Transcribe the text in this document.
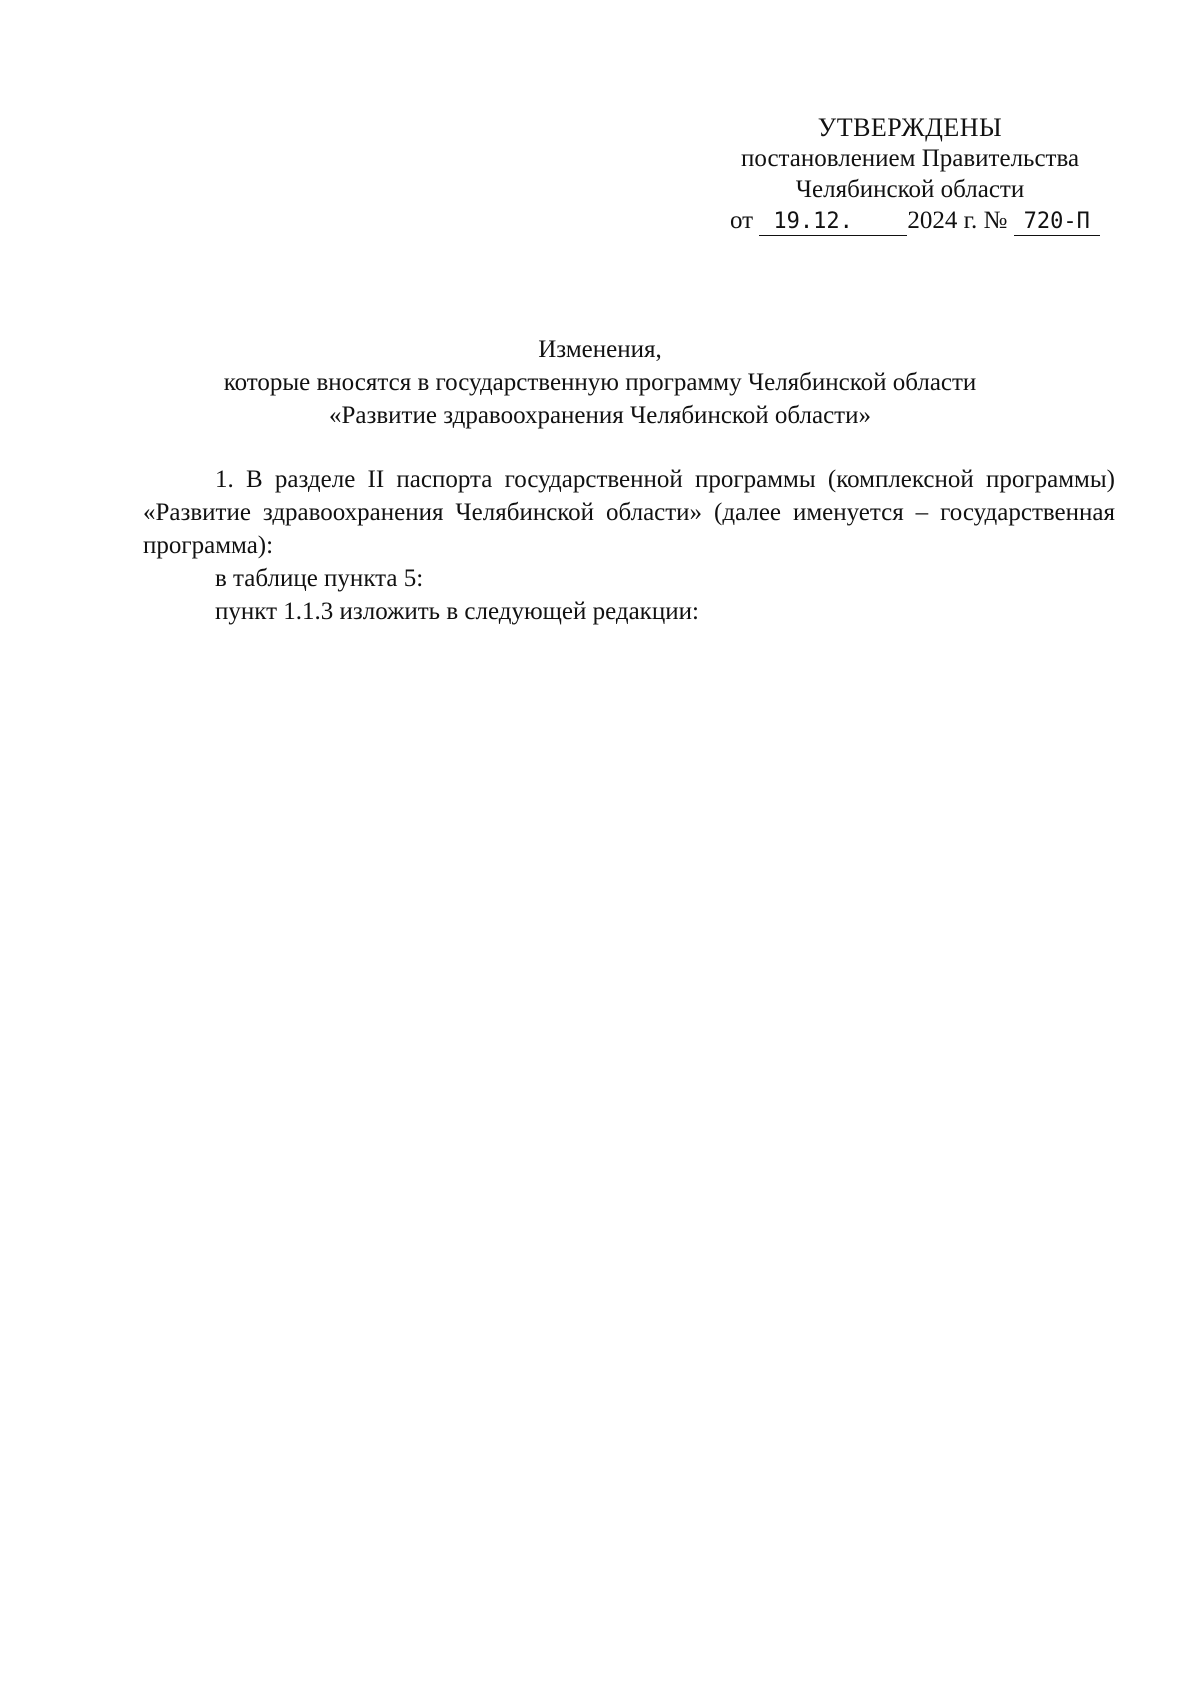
УТВЕРЖДЕНЫ
постановлением Правительства
Челябинской области
от 19.12. 2024 г. № 720-П
Изменения,
которые вносятся в государственную программу Челябинской области
«Развитие здравоохранения Челябинской области»

1. В разделе II паспорта государственной программы (комплексной программы) «Развитие здравоохранения Челябинской области» (далее именуется – государственная программа):

в таблице пункта 5:

пункт 1.1.3 изложить в следующей редакции:
